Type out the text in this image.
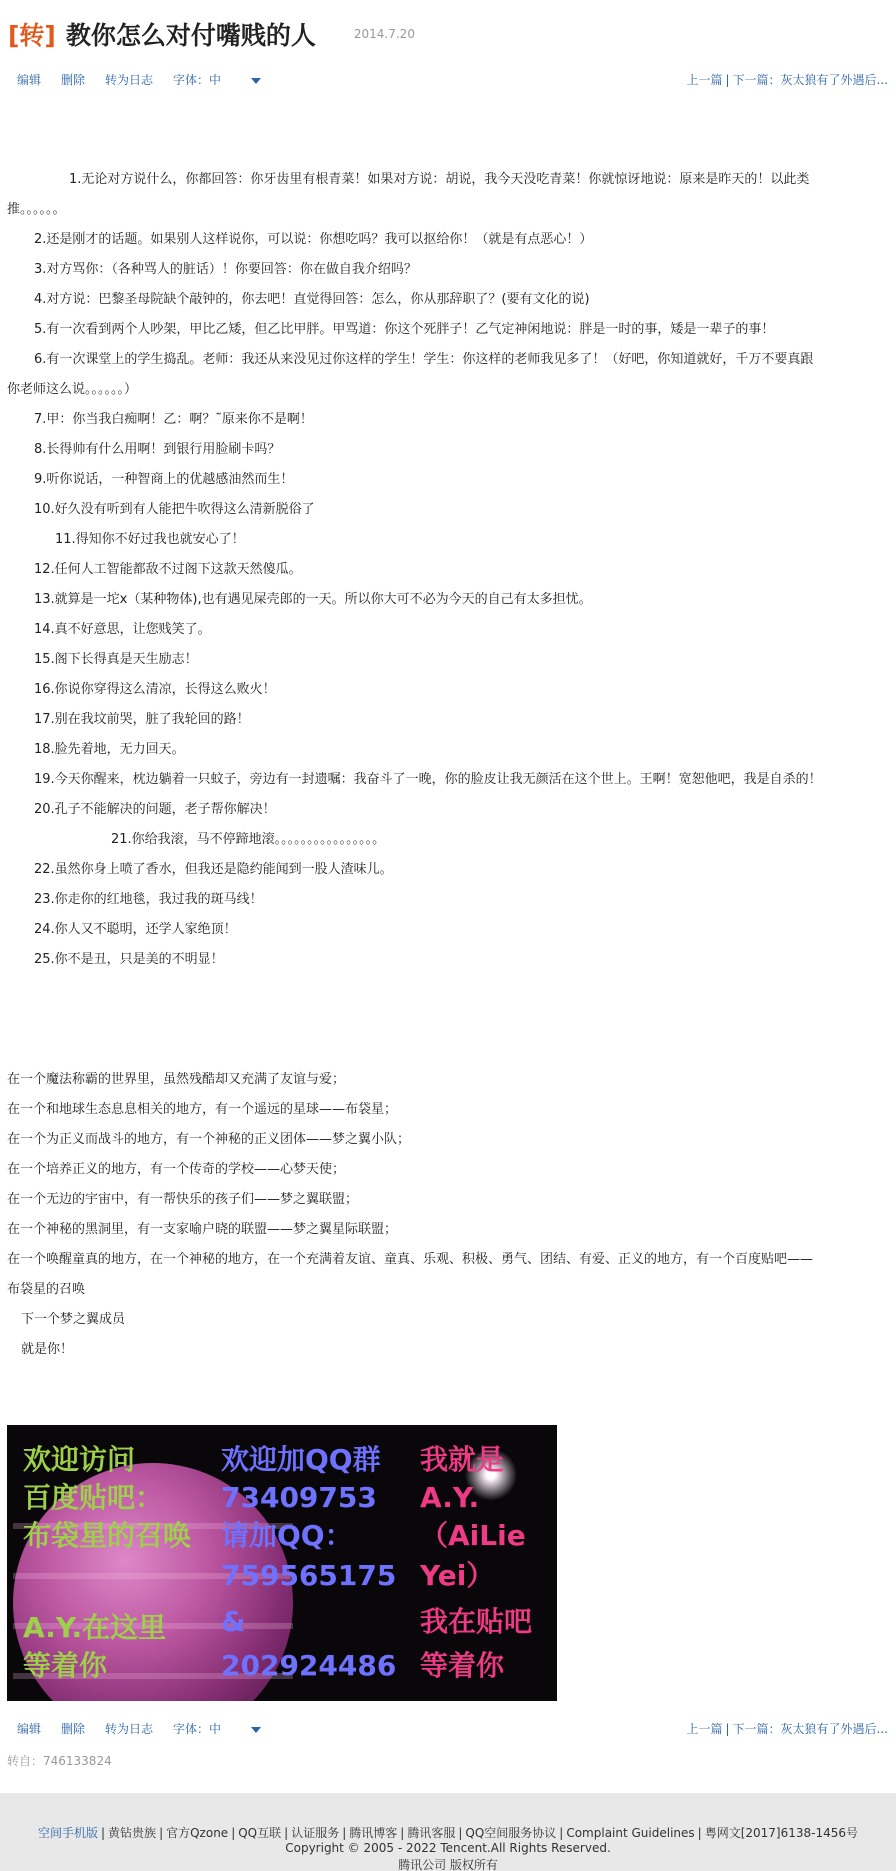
[转] 教你怎么对付嘴贱的人	2014.7.20
编辑 删除 转为日志 字体：中	上一篇 | 下一篇：灰太狼有了外遇后...
1.无论对方说什么，你都回答：你牙齿里有根青菜！如果对方说：胡说，我今天没吃青菜！你就惊讶地说：原来是昨天的！以此类
推。。。。。。
2.还是刚才的话题。如果别人这样说你，可以说：你想吃吗？我可以抠给你！（就是有点恶心！）
3.对方骂你：（各种骂人的脏话）！你要回答：你在做自我介绍吗？
4.对方说：巴黎圣母院缺个敲钟的，你去吧！直觉得回答：怎么，你从那辞职了？(要有文化的说)
5.有一次看到两个人吵架，甲比乙矮，但乙比甲胖。甲骂道：你这个死胖子！乙气定神闲地说：胖是一时的事，矮是一辈子的事！
6.有一次课堂上的学生捣乱。老师：我还从来没见过你这样的学生！学生：你这样的老师我见多了！（好吧，你知道就好，千万不要真跟
你老师这么说。。。。。。）
7.甲：你当我白痴啊！乙：啊？˜原来你不是啊！
8.长得帅有什么用啊！到银行用脸刷卡吗？
9.听你说话，一种智商上的优越感油然而生！
10.好久没有听到有人能把牛吹得这么清新脱俗了
11.得知你不好过我也就安心了！
12.任何人工智能都敌不过阁下这款天然傻瓜。
13.就算是一坨x（某种物体),也有遇见屎壳郎的一天。所以你大可不必为今天的自己有太多担忧。
14.真不好意思，让您贱笑了。
15.阁下长得真是天生励志！
16.你说你穿得这么清凉，长得这么败火！
17.别在我坟前哭，脏了我轮回的路！
18.脸先着地，无力回天。
19.今天你醒来，枕边躺着一只蚊子，旁边有一封遗嘱：我奋斗了一晚，你的脸皮让我无颜活在这个世上。王啊！宽恕他吧，我是自杀的！
20.孔子不能解决的问题，老子帮你解决！
21.你给我滚，马不停蹄地滚。。。。。。。。。。。。。。。。
22.虽然你身上喷了香水，但我还是隐约能闻到一股人渣味儿。
23.你走你的红地毯，我过我的斑马线！
24.你人又不聪明，还学人家绝顶！
25.你不是丑，只是美的不明显！
在一个魔法称霸的世界里，虽然残酷却又充满了友谊与爱；
在一个和地球生态息息相关的地方，有一个遥远的星球——布袋星；
在一个为正义而战斗的地方，有一个神秘的正义团体——梦之翼小队；
在一个培养正义的地方，有一个传奇的学校——心梦天使；
在一个无边的宇宙中，有一帮快乐的孩子们——梦之翼联盟；
在一个神秘的黑洞里，有一支家喻户晓的联盟——梦之翼星际联盟；
在一个唤醒童真的地方，在一个神秘的地方，在一个充满着友谊、童真、乐观、积极、勇气、团结、有爱、正义的地方，有一个百度贴吧——
布袋星的召唤
下一个梦之翼成员
就是你！
欢迎访问
百度贴吧：
布袋星的召唤
A.Y.在这里
等着你
欢迎加QQ群
73409753
请加QQ：
759565175
&
202924486
我就是
A.Y.
（AiLie
Yei）
我在贴吧
等着你
编辑 删除 转为日志 字体：中	上一篇 | 下一篇：灰太狼有了外遇后...
转自：746133824
空间手机版 | 黄钻贵族 | 官方Qzone | QQ互联 | 认证服务 | 腾讯博客 | 腾讯客服 | QQ空间服务协议 | Complaint Guidelines | 粤网文[2017]6138-1456号
Copyright © 2005 - 2022 Tencent.All Rights Reserved.
腾讯公司 版权所有
